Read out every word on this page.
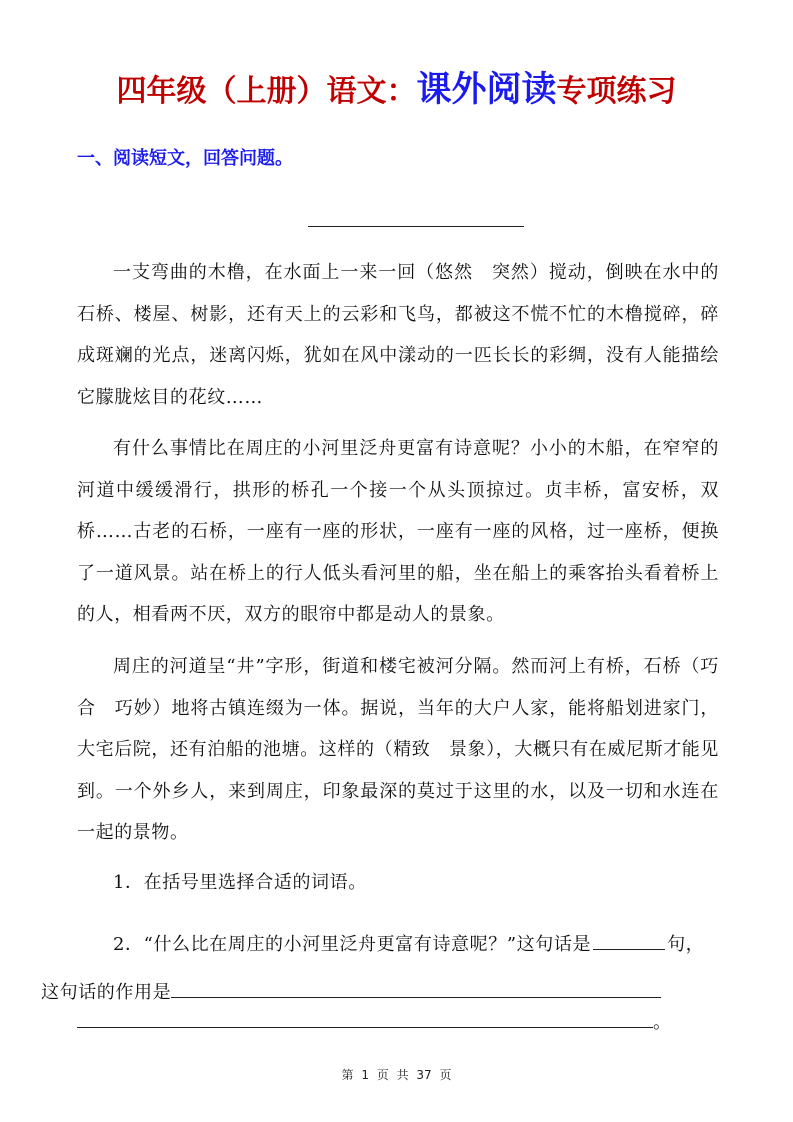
四年级（上册）语文：课外阅读专项练习
一、阅读短文，回答问题。
一支弯曲的木橹，在水面上一来一回（悠然　突然）搅动，倒映在水中的石桥、楼屋、树影，还有天上的云彩和飞鸟，都被这不慌不忙的木橹搅碎，碎成斑斓的光点，迷离闪烁，犹如在风中漾动的一匹长长的彩绸，没有人能描绘它朦胧炫目的花纹……
有什么事情比在周庄的小河里泛舟更富有诗意呢？小小的木船，在窄窄的河道中缓缓滑行，拱形的桥孔一个接一个从头顶掠过。贞丰桥，富安桥，双桥……古老的石桥，一座有一座的形状，一座有一座的风格，过一座桥，便换了一道风景。站在桥上的行人低头看河里的船，坐在船上的乘客抬头看着桥上的人，相看两不厌，双方的眼帘中都是动人的景象。
周庄的河道呈“井”字形，街道和楼宅被河分隔。然而河上有桥，石桥（巧合　巧妙）地将古镇连缀为一体。据说，当年的大户人家，能将船划进家门，大宅后院，还有泊船的池塘。这样的（精致　景象），大概只有在威尼斯才能见到。一个外乡人，来到周庄，印象最深的莫过于这里的水，以及一切和水连在一起的景物。
1．在括号里选择合适的词语。
2．“什么比在周庄的小河里泛舟更富有诗意呢？”这句话是	句，
这句话的作用是
。
第 1 页 共 37 页
